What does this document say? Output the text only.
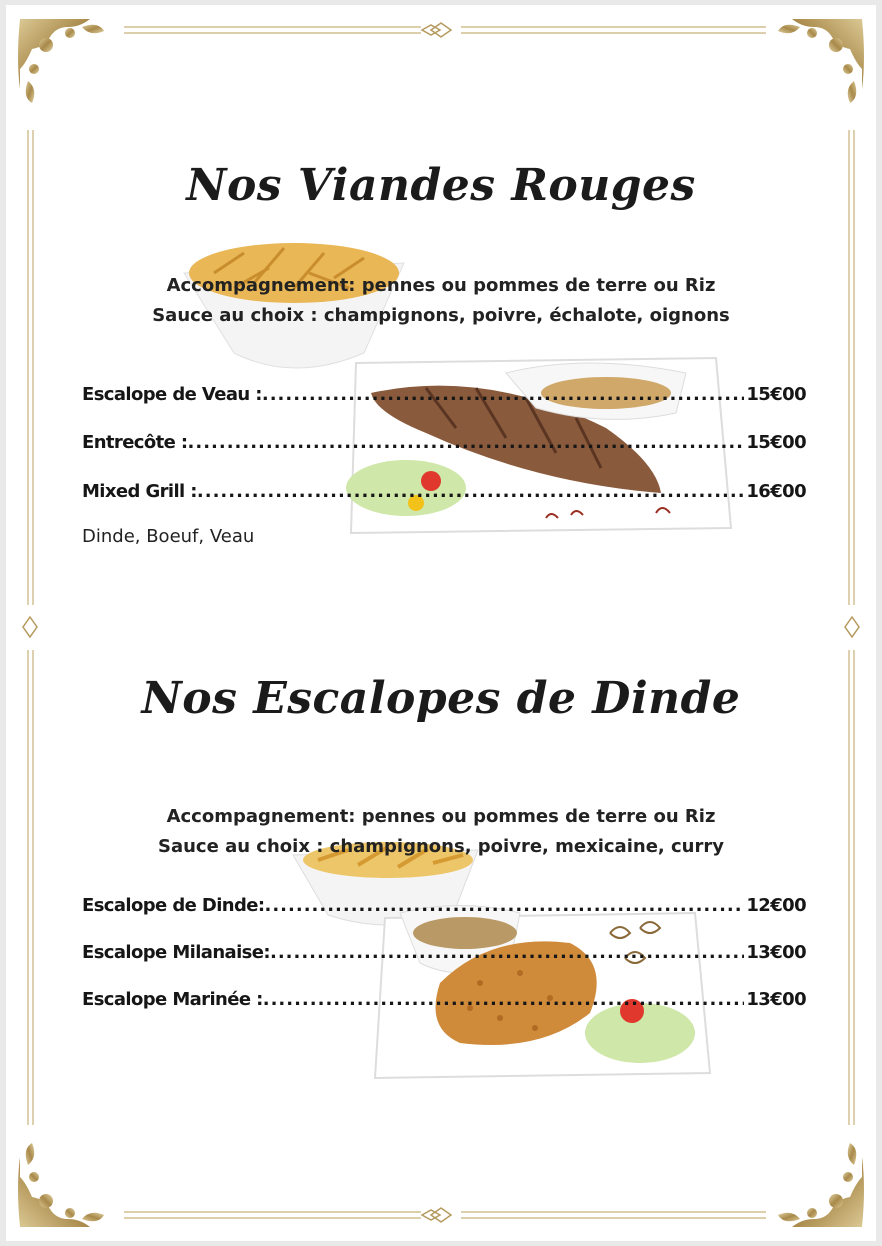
Nos Viandes Rouges
Accompagnement: pennes ou pommes de terre ou Riz
Sauce au choix : champignons, poivre, échalote, oignons
Escalope de Veau : .....	15€00
Entrecôte : .....	15€00
Mixed Grill : .....	16€00
Dinde, Boeuf, Veau
Nos Escalopes de Dinde
Accompagnement: pennes ou pommes de terre ou Riz
Sauce au choix : champignons, poivre, mexicaine, curry
Escalope de Dinde: .....	12€00
Escalope Milanaise: .....	13€00
Escalope Marinée : .....	13€00
